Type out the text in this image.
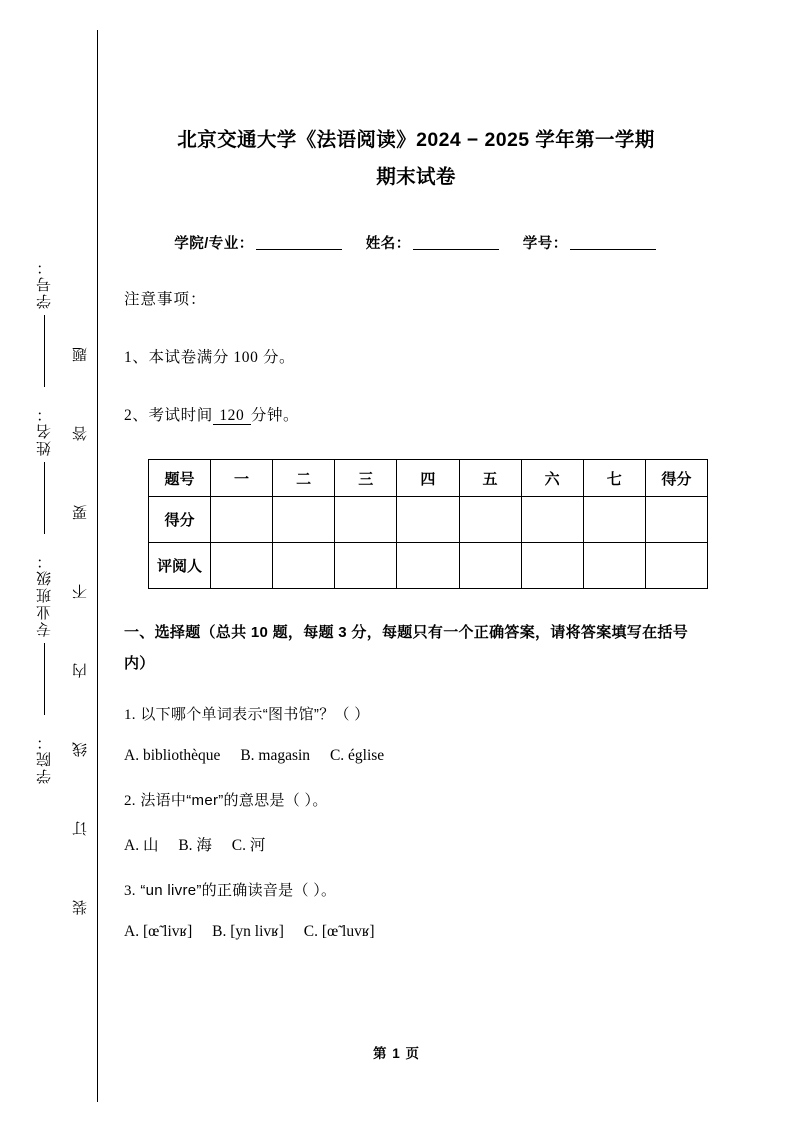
学号：
姓名：
专业班级：
学院：
题
答
要
不
内
线
订
装
北京交通大学《法语阅读》2024 − 2025 学年第一学期
期末试卷
学院/专业：	姓名：	学号：
注意事项：
1、本试卷满分 100 分。
2、考试时间 120 分钟。
题号	一	二	三	四	五	六	七	得分
得分								
评阅人								
一、选择题（总共 10 题，每题 3 分，每题只有一个正确答案，请将答案填写在括号内）
1. 以下哪个单词表示“图书馆”？（ ）
A. bibliothèque B. magasin C. église
2. 法语中“mer”的意思是（ ）。
A. 山 B. 海 C. 河
3. “un livre”的正确读音是（ ）。
A. [œ̃ livʁ] B. [yn livʁ] C. [œ̃ luvʁ]
第 1 页
